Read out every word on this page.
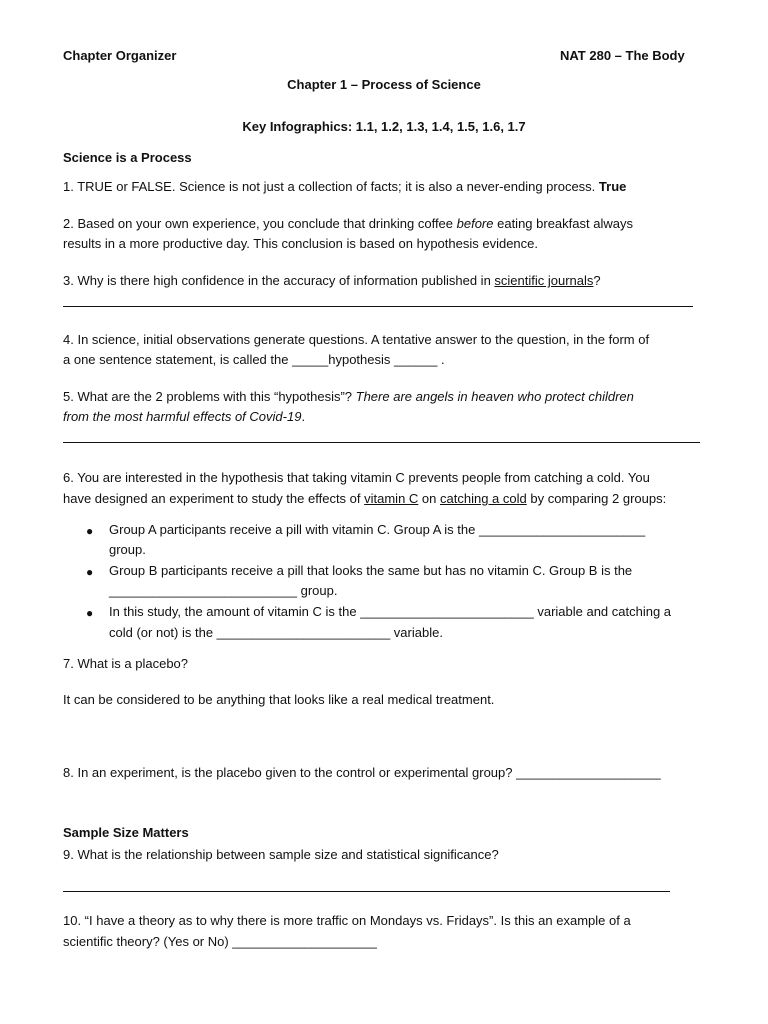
Chapter Organizer	NAT 280 – The Body
Chapter 1 – Process of Science
Key Infographics: 1.1, 1.2, 1.3, 1.4, 1.5, 1.6, 1.7
Science is a Process
1. TRUE or FALSE. Science is not just a collection of facts; it is also a never-ending process. True
2. Based on your own experience, you conclude that drinking coffee before eating breakfast always
results in a more productive day. This conclusion is based on hypothesis evidence.
3. Why is there high confidence in the accuracy of information published in scientific journals?
4. In science, initial observations generate questions. A tentative answer to the question, in the form of
a one sentence statement, is called the _____hypothesis ______ .
5. What are the 2 problems with this “hypothesis”? There are angels in heaven who protect children
from the most harmful effects of Covid-19.
6. You are interested in the hypothesis that taking vitamin C prevents people from catching a cold. You
have designed an experiment to study the effects of vitamin C on catching a cold by comparing 2 groups:
● Group A participants receive a pill with vitamin C. Group A is the _______________________
group.
● Group B participants receive a pill that looks the same but has no vitamin C. Group B is the
__________________________ group.
● In this study, the amount of vitamin C is the ________________________ variable and catching a
cold (or not) is the ________________________ variable.
7. What is a placebo?
It can be considered to be anything that looks like a real medical treatment.
8. In an experiment, is the placebo given to the control or experimental group? ____________________
Sample Size Matters
9. What is the relationship between sample size and statistical significance?
10. “I have a theory as to why there is more traffic on Mondays vs. Fridays”. Is this an example of a
scientific theory? (Yes or No) ____________________
